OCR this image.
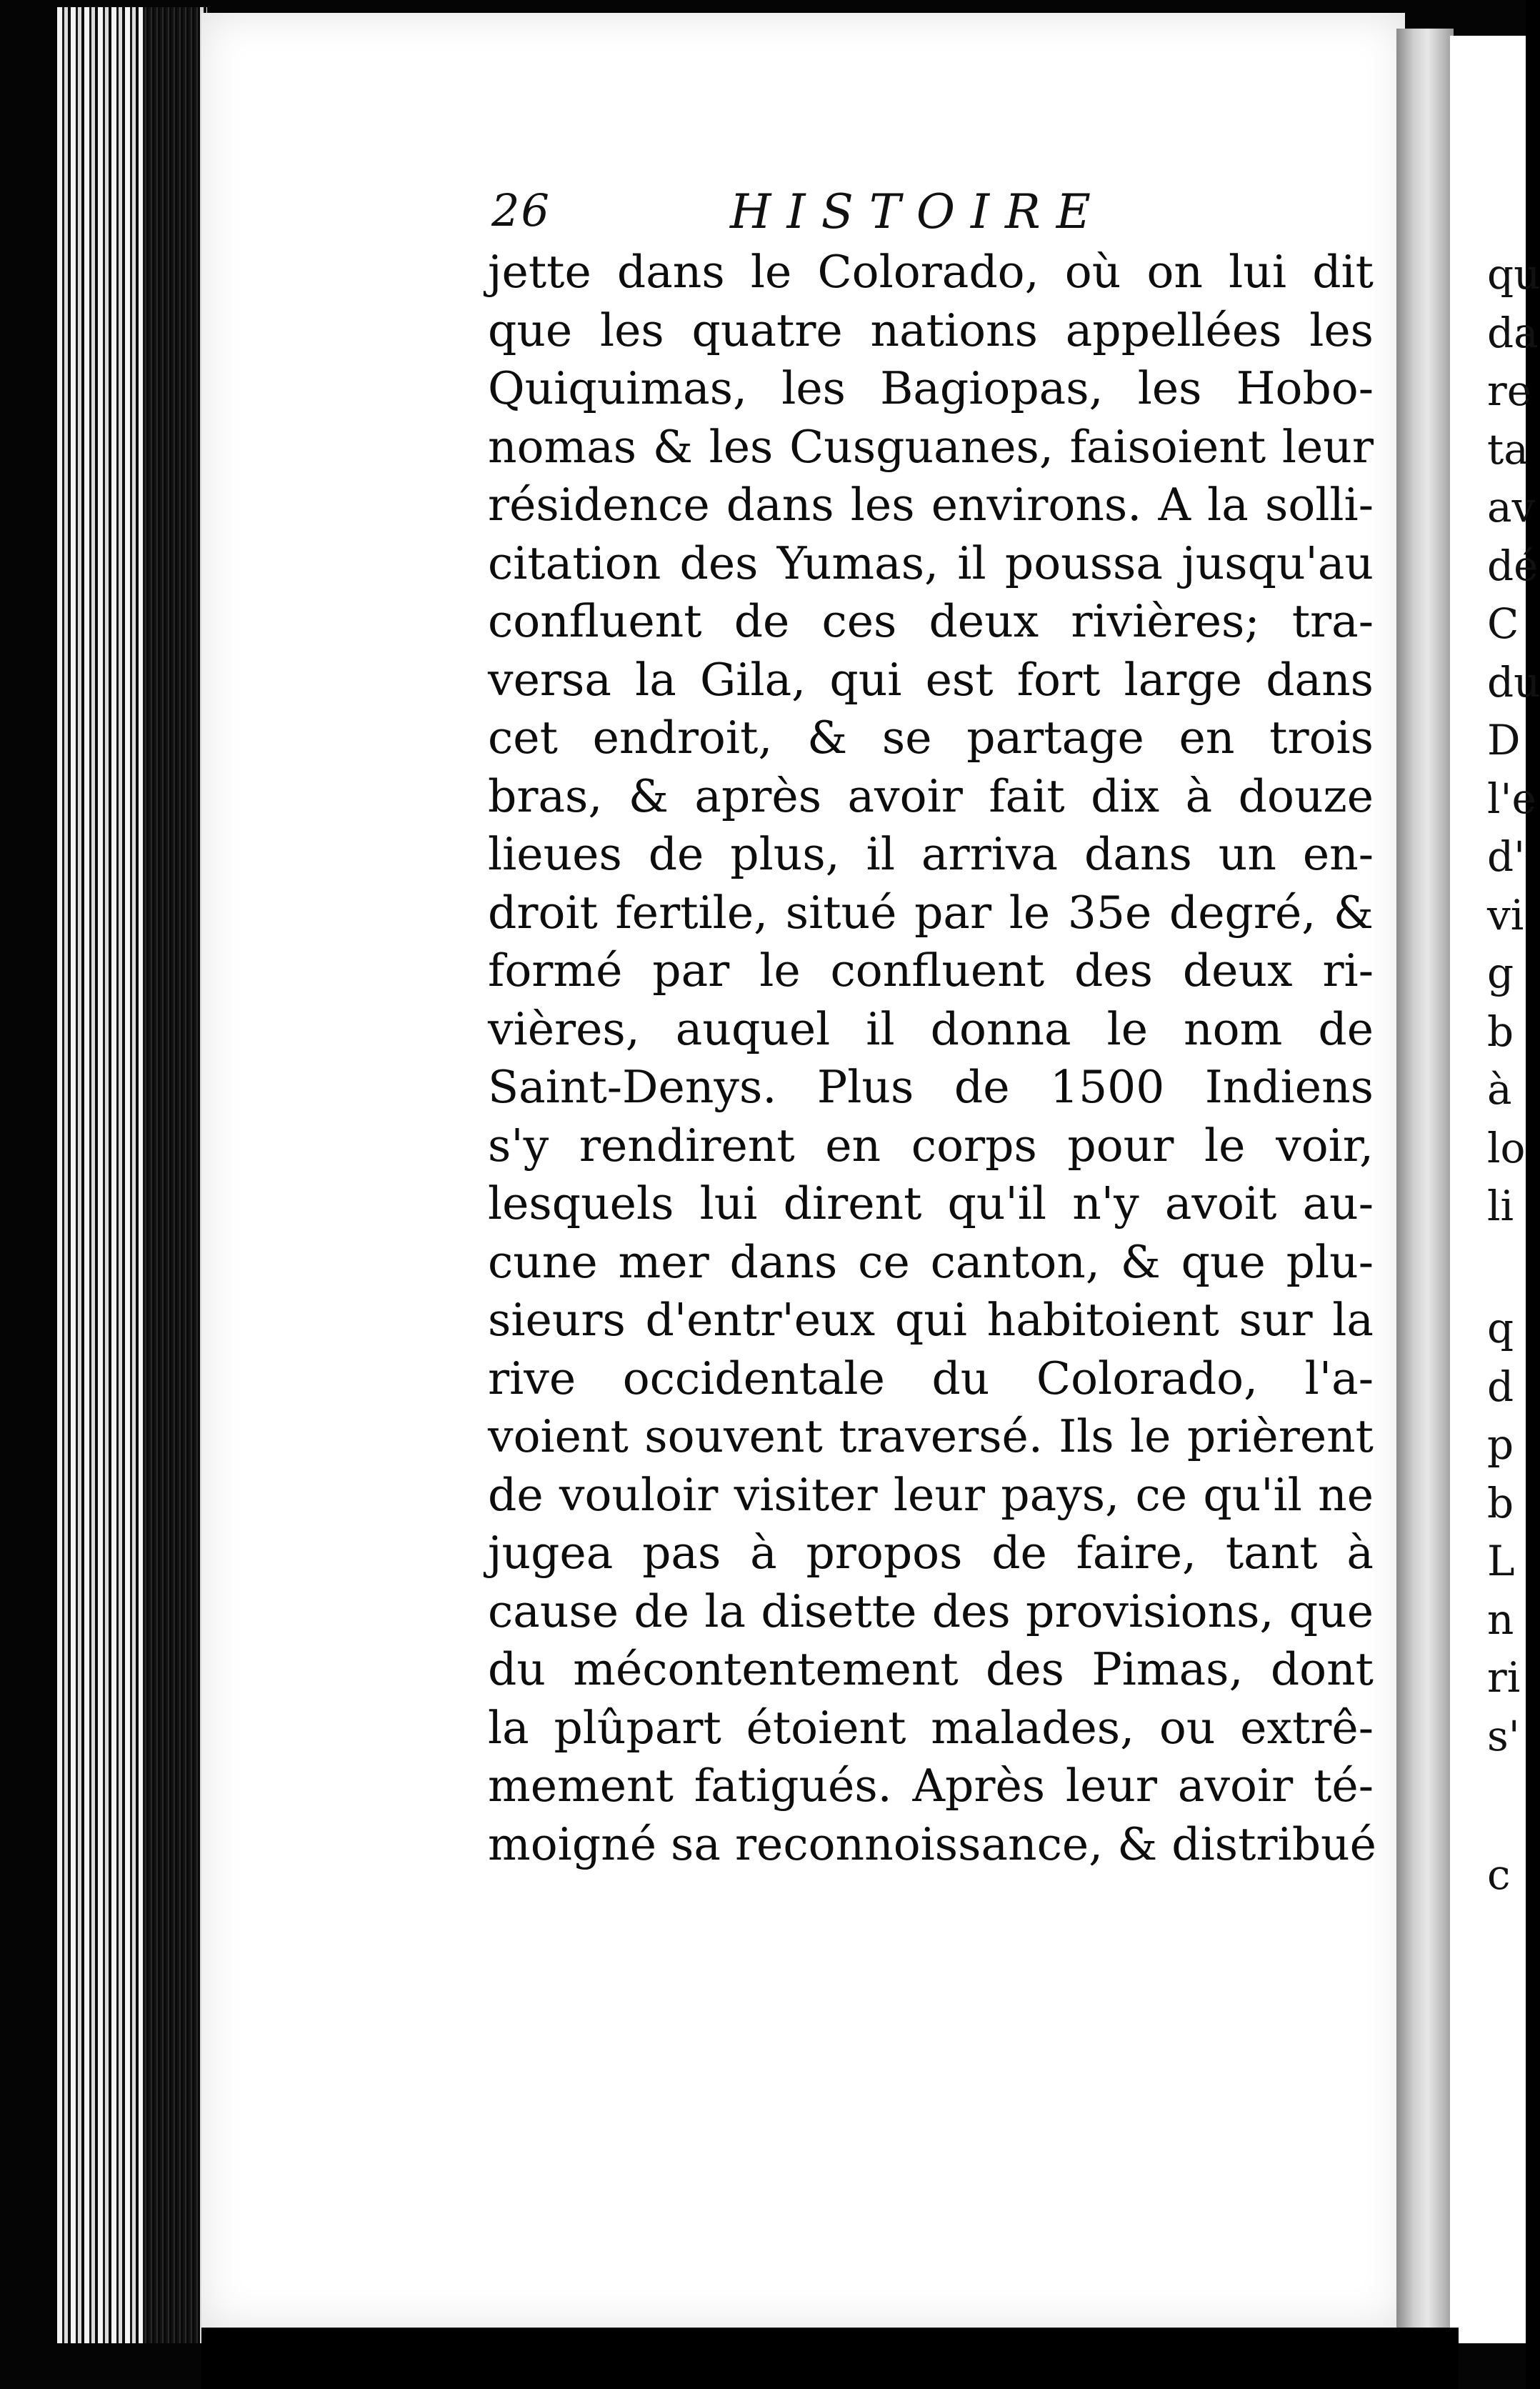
26	HISTOIRE
jette dans le Colorado, où on lui dit
que les quatre nations appellées les
Quiquimas, les Bagiopas, les Hobo-
nomas & les Cusguanes, faisoient leur
résidence dans les environs. A la solli-
citation des Yumas, il poussa jusqu'au
confluent de ces deux rivières; tra-
versa la Gila, qui est fort large dans
cet endroit, & se partage en trois
bras, & après avoir fait dix à douze
lieues de plus, il arriva dans un en-
droit fertile, situé par le 35e degré, &
formé par le confluent des deux ri-
vières, auquel il donna le nom de
Saint-Denys. Plus de 1500 Indiens
s'y rendirent en corps pour le voir,
lesquels lui dirent qu'il n'y avoit au-
cune mer dans ce canton, & que plu-
sieurs d'entr'eux qui habitoient sur la
rive occidentale du Colorado, l'a-
voient souvent traversé. Ils le prièrent
de vouloir visiter leur pays, ce qu'il ne
jugea pas à propos de faire, tant à
cause de la disette des provisions, que
du mécontentement des Pimas, dont
la plûpart étoient malades, ou extrê-
mement fatigués. Après leur avoir té-
moigné sa reconnoissance, & distribué
qu
da
re
ta
av
dé
C
du
D
l'e
d'
vi
g
b
à
lo
li
q
d
p
b
L
n
ri
s'
c
